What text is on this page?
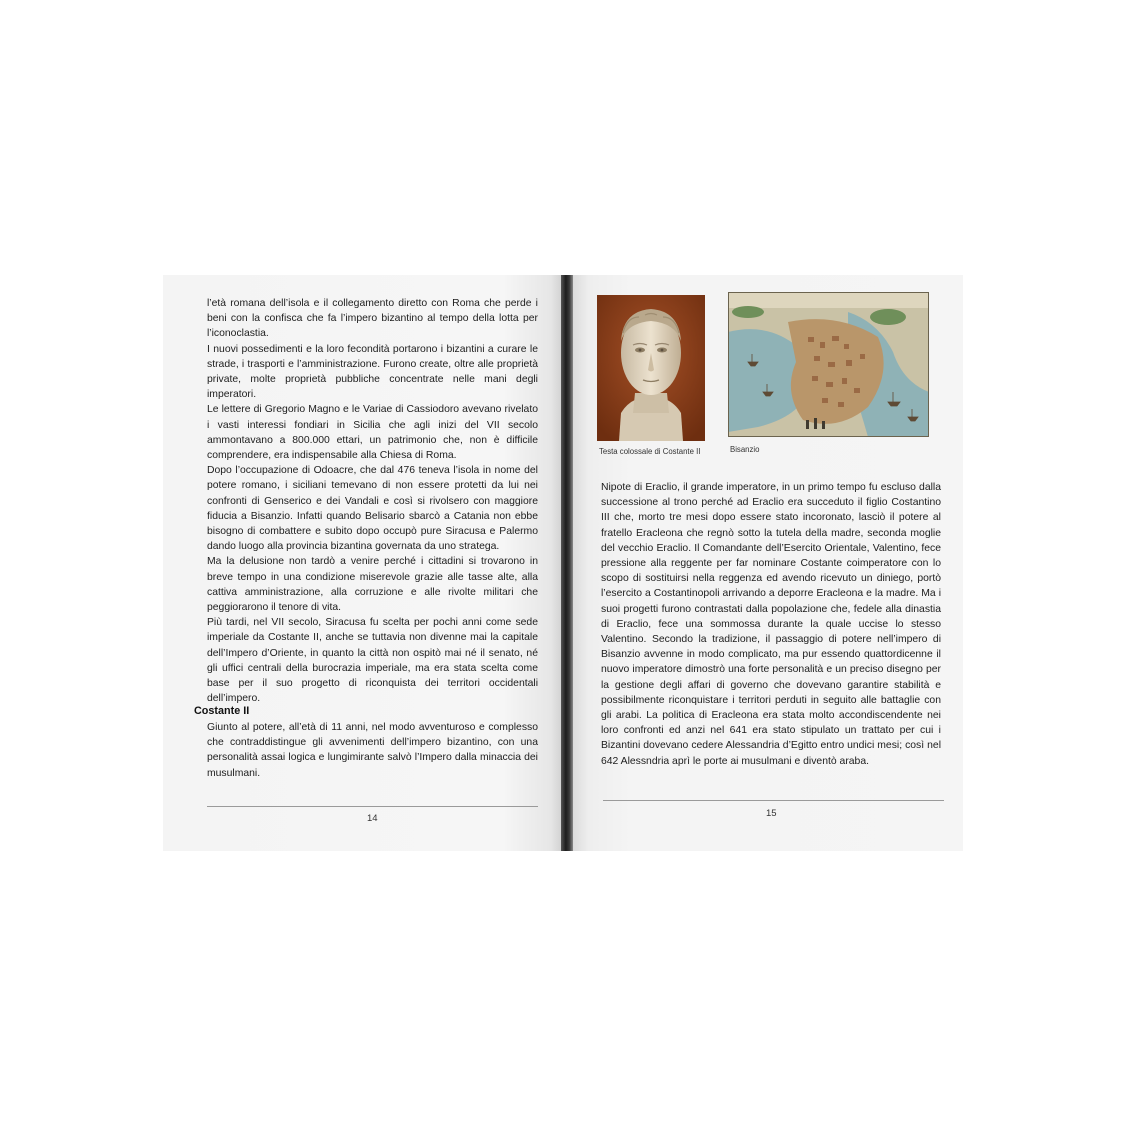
l’età romana dell’isola e il collegamento diretto con Roma che perde i beni con la confisca che fa l’impero bizantino al tempo della lotta per l’iconoclastia.

I nuovi possedimenti e la loro fecondità portarono i bizantini a curare le strade, i trasporti e l’amministrazione. Furono create, oltre alle proprietà private, molte proprietà pubbliche concentrate nelle mani degli imperatori.

Le lettere di Gregorio Magno e le Variae di Cassiodoro avevano rivelato i vasti interessi fondiari in Sicilia che agli inizi del VII secolo ammontavano a 800.000 ettari, un patrimonio che, non è difficile comprendere, era indispensabile alla Chiesa di Roma.

Dopo l’occupazione di Odoacre, che dal 476 teneva l’isola in nome del potere romano, i siciliani temevano di non essere protetti da lui nei confronti di Genserico e dei Vandali e così si rivolsero con maggiore fiducia a Bisanzio. Infatti quando Belisario sbarcò a Catania non ebbe bisogno di combattere e subito dopo occupò pure Siracusa e Palermo dando luogo alla provincia bizantina governata da uno stratega.

Ma la delusione non tardò a venire perché i cittadini si trovarono in breve tempo in una condizione miserevole grazie alle tasse alte, alla cattiva amministrazione, alla corruzione e alle rivolte militari che peggiorarono il tenore di vita.

Più tardi, nel VII secolo, Siracusa fu scelta per pochi anni come sede imperiale da Costante II, anche se tuttavia non divenne mai la capitale dell’Impero d’Oriente, in quanto la città non ospitò mai né il senato, né gli uffici centrali della burocrazia imperiale, ma era stata scelta come base per il suo progetto di riconquista dei territori occidentali dell’impero.

Costante II

Giunto al potere, all’età di 11 anni, nel modo avventuroso e complesso che contraddistingue gli avvenimenti dell’impero bizantino, con una personalità assai logica e lungimirante salvò l’Impero dalla minaccia dei musulmani.

14

Nipote di Eraclio, il grande imperatore, in un primo tempo fu escluso dalla successione al trono perché ad Eraclio era succeduto il figlio Costantino III che, morto tre mesi dopo essere stato incoronato, lasciò il potere al fratello Eracleona che regnò sotto la tutela della madre, seconda moglie del vecchio Eraclio. Il Comandante dell’Esercito Orientale, Valentino, fece pressione alla reggente per far nominare Costante coimperatore con lo scopo di sostituirsi nella reggenza ed avendo ricevuto un diniego, portò l’esercito a Costantinopoli arrivando a deporre Eracleona e la madre. Ma i suoi progetti furono contrastati dalla popolazione che, fedele alla dinastia di Eraclio, fece una sommossa durante la quale uccise lo stesso Valentino. Secondo la tradizione, il passaggio di potere nell’impero di Bisanzio avvenne in modo complicato, ma pur essendo quattordicenne il nuovo imperatore dimostrò una forte personalità e un preciso disegno per la gestione degli affari di governo che dovevano garantire stabilità e possibilmente riconquistare i territori perduti in seguito alle battaglie con gli arabi. La politica di Eracleona era stata molto accondiscendente nei loro confronti ed anzi nel 641 era stato stipulato un trattato per cui i Bizantini dovevano cedere Alessandria d’Egitto entro undici mesi; così nel 642 Alessndria aprì le porte ai musulmani e diventò araba.

Testa colossale di Costante II	Bisanzio
15
